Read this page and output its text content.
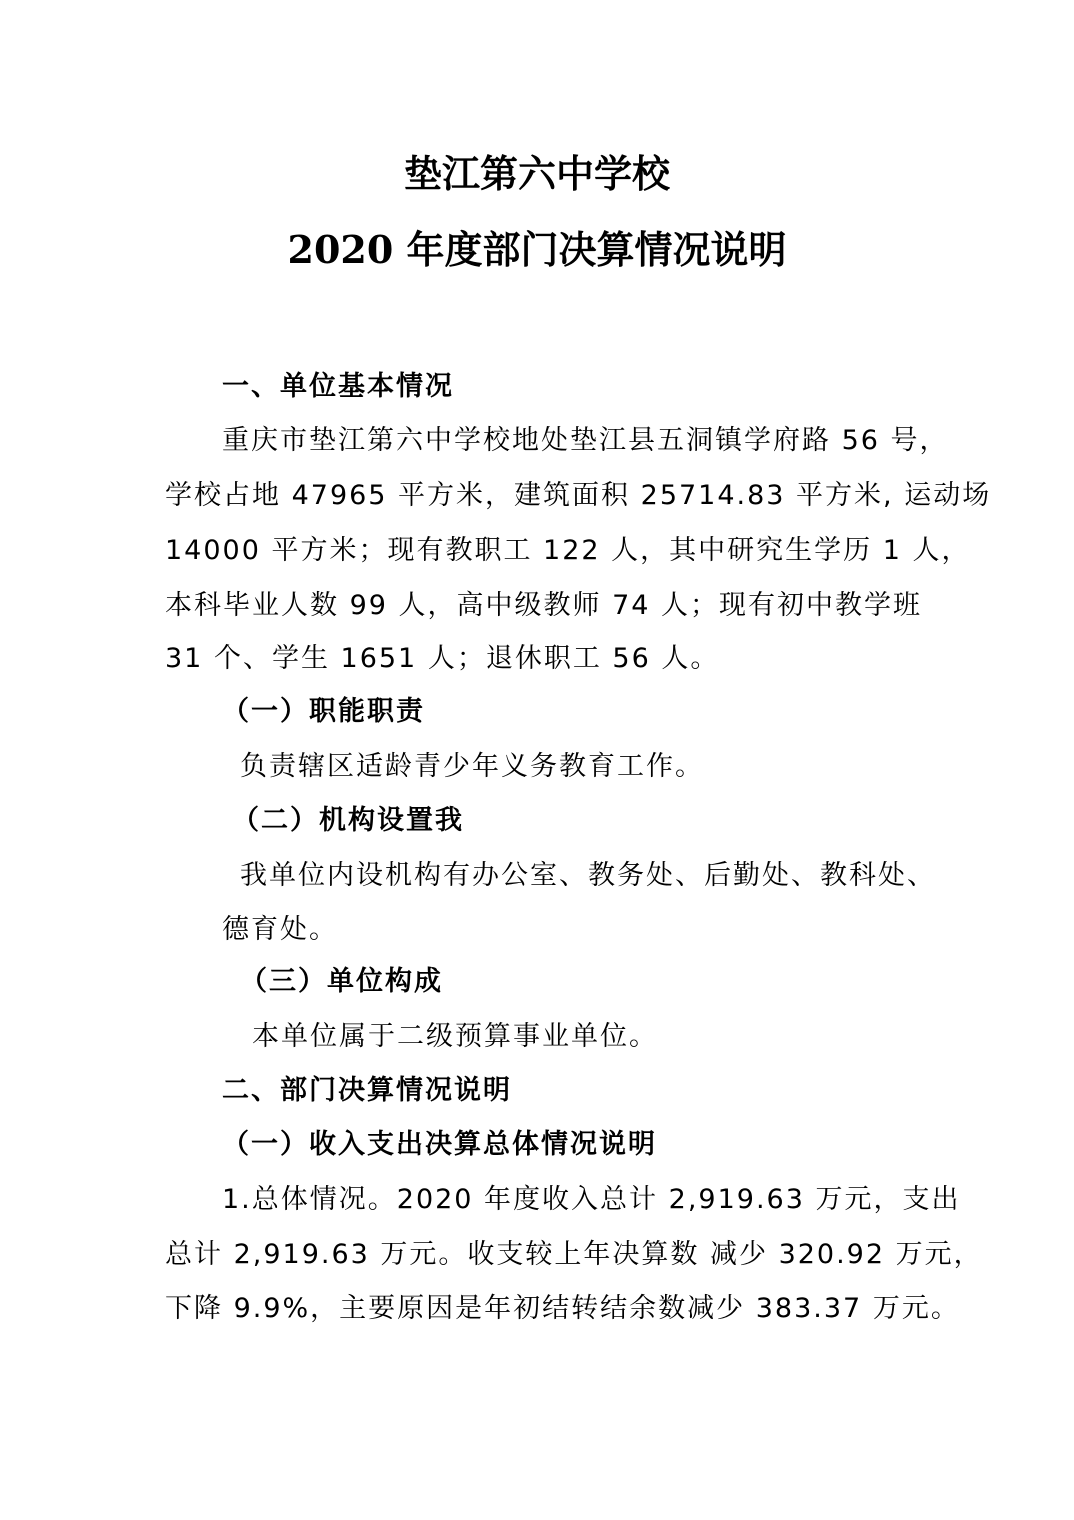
垫江第六中学校
2020 年度部门决算情况说明
一、单位基本情况
重庆市垫江第六中学校地处垫江县五洞镇学府路 56 号，
学校占地 47965 平方米，建筑面积 25714.83 平方米, 运动场
14000 平方米；现有教职工 122 人，其中研究生学历 1 人，
本科毕业人数 99 人，高中级教师 74 人；现有初中教学班
31 个、学生 1651 人；退休职工 56 人。
（一）职能职责
负责辖区适龄青少年义务教育工作。
（二）机构设置我
我单位内设机构有办公室、教务处、后勤处、教科处、
德育处。
（三）单位构成
本单位属于二级预算事业单位。
二、部门决算情况说明
（一）收入支出决算总体情况说明
1.总体情况。2020 年度收入总计 2,919.63 万元，支出
总计 2,919.63 万元。收支较上年决算数 减少 320.92 万元，
下降 9.9%，主要原因是年初结转结余数减少 383.37 万元。
